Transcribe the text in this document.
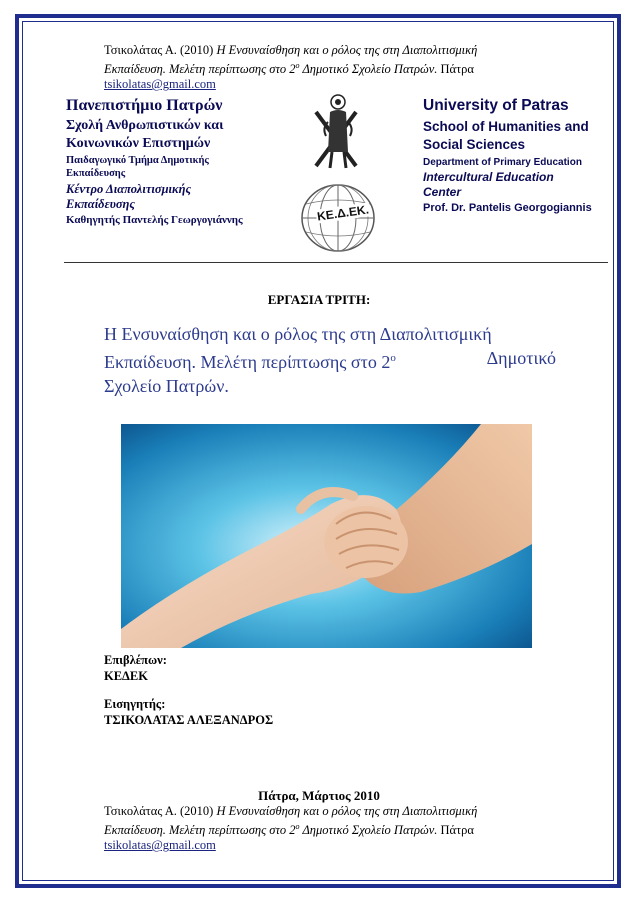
Τσικολάτας Α. (2010) Η Ενσυναίσθηση και ο ρόλος της στη Διαπολιτισμική
Εκπαίδευση. Μελέτη περίπτωσης στο $2^o$ Δημοτικό Σχολείο Πατρών. Πάτρα
tsikolatas@gmail.com
Πανεπιστήμιο Πατρών
Σχολή Ανθρωπιστικών και
Κοινωνικών Επιστημών
Παιδαγωγικό Τμήμα Δημοτικής
Εκπαίδευσης
Κέντρο Διαπολιτισμικής
Εκπαίδευσης
Καθηγητής Παντελής Γεωργογιάννης
University of Patras
School of Humanities and
Social Sciences
Department of Primary Education
Intercultural Education
Center
Prof. Dr. Pantelis Georgogiannis
ΚΕ.Δ.ΕΚ.
ΕΡΓΑΣΙΑ ΤΡΙΤΗ:
Η Ενσυναίσθηση και ο ρόλος της στη Διαπολιτισμική
Εκπαίδευση. Μελέτη περίπτωσης στο $2^o$	Δημοτικό
Σχολείο Πατρών.
Επιβλέπων:
ΚΕΔΕΚ
Εισηγητής:
ΤΣΙΚΟΛΑΤΑΣ ΑΛΕΞΑΝΔΡΟΣ
Πάτρα, Μάρτιος 2010
Τσικολάτας Α. (2010) Η Ενσυναίσθηση και ο ρόλος της στη Διαπολιτισμική
Εκπαίδευση. Μελέτη περίπτωσης στο $2^o$ Δημοτικό Σχολείο Πατρών. Πάτρα
tsikolatas@gmail.com
